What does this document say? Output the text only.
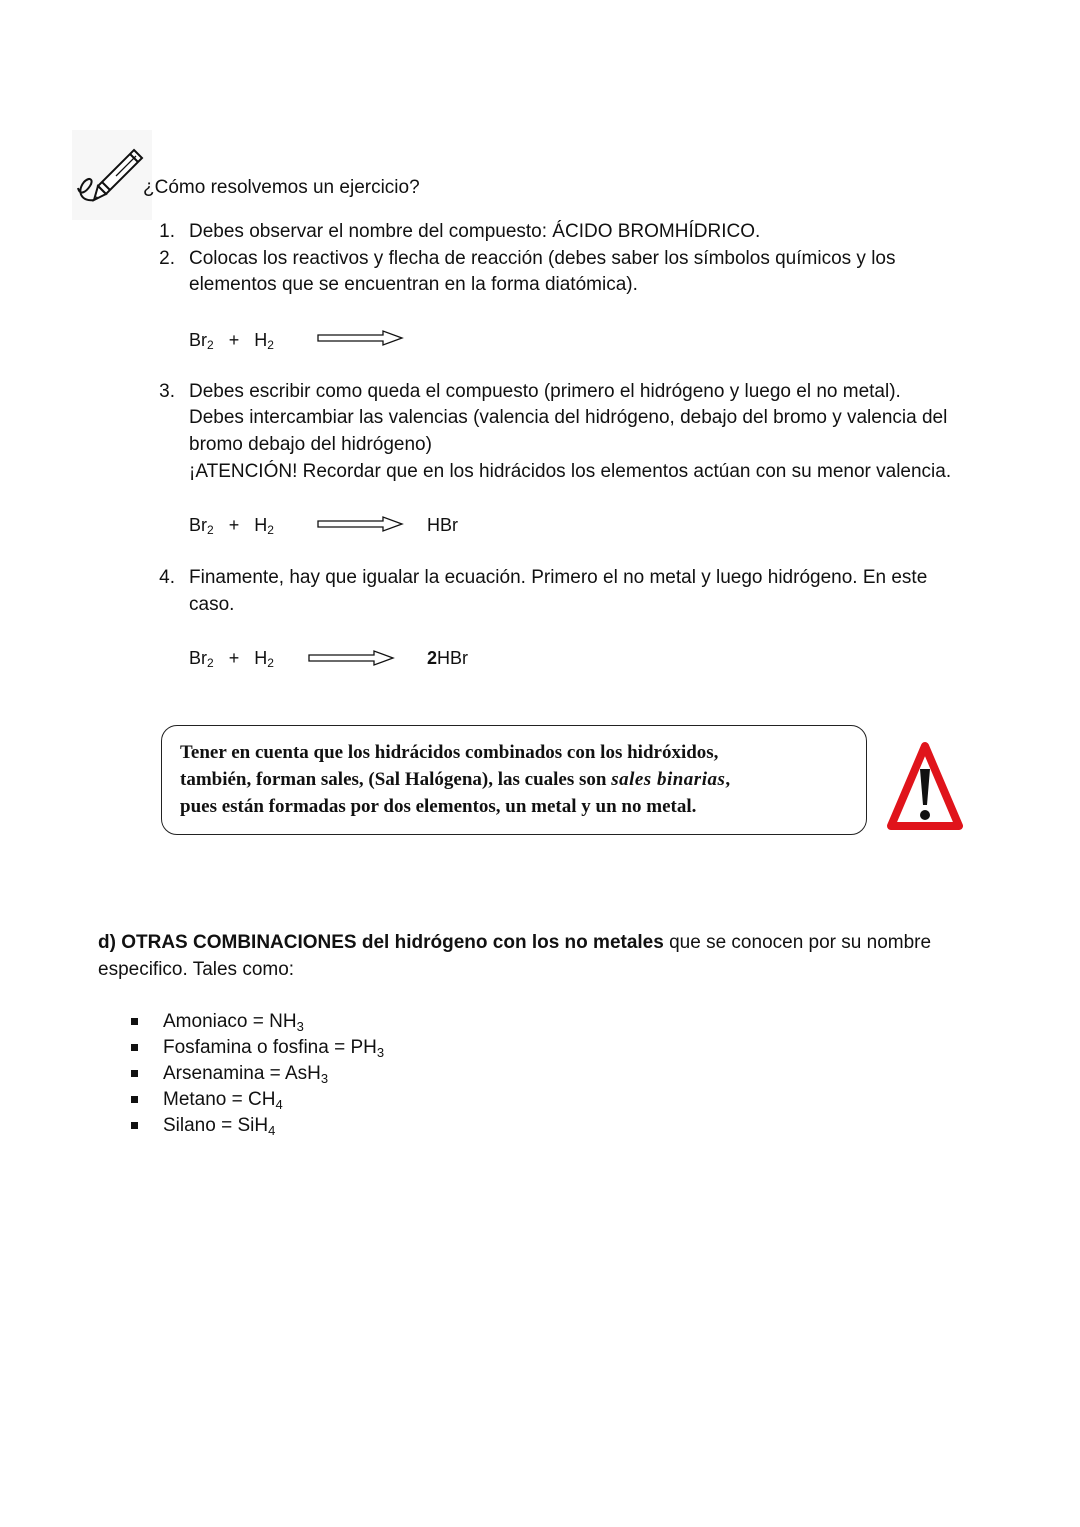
¿Cómo resolvemos un ejercicio?
1. Debes observar el nombre del compuesto: ÁCIDO BROMHÍDRICO.
2. Colocas los reactivos y flecha de reacción (debes saber los símbolos químicos y los
elementos que se encuentran en la forma diatómica).
$Br_2 + H_2$
3. Debes escribir como queda el compuesto (primero el hidrógeno y luego el no metal).
Debes intercambiar las valencias (valencia del hidrógeno, debajo del bromo y valencia del
bromo debajo del hidrógeno)
¡ATENCIÓN! Recordar que en los hidrácidos los elementos actúan con su menor valencia.
$Br_2 + H_2$	HBr
4. Finamente, hay que igualar la ecuación. Primero el no metal y luego hidrógeno. En este
caso.
$Br_2 + H_2$	2HBr
Tener en cuenta que los hidrácidos combinados con los hidróxidos,
también, forman sales, (Sal Halógena), las cuales son sales binarias,
pues están formadas por dos elementos, un metal y un no metal.
d) OTRAS COMBINACIONES del hidrógeno con los no metales que se conocen por su nombre
especifico. Tales como:
Amoniaco = $NH_3$
Fosfamina o fosfina = $PH_3$
Arsenamina = AsH$_3$
$Metano = CH_4$
Silano = SiH$_4$
